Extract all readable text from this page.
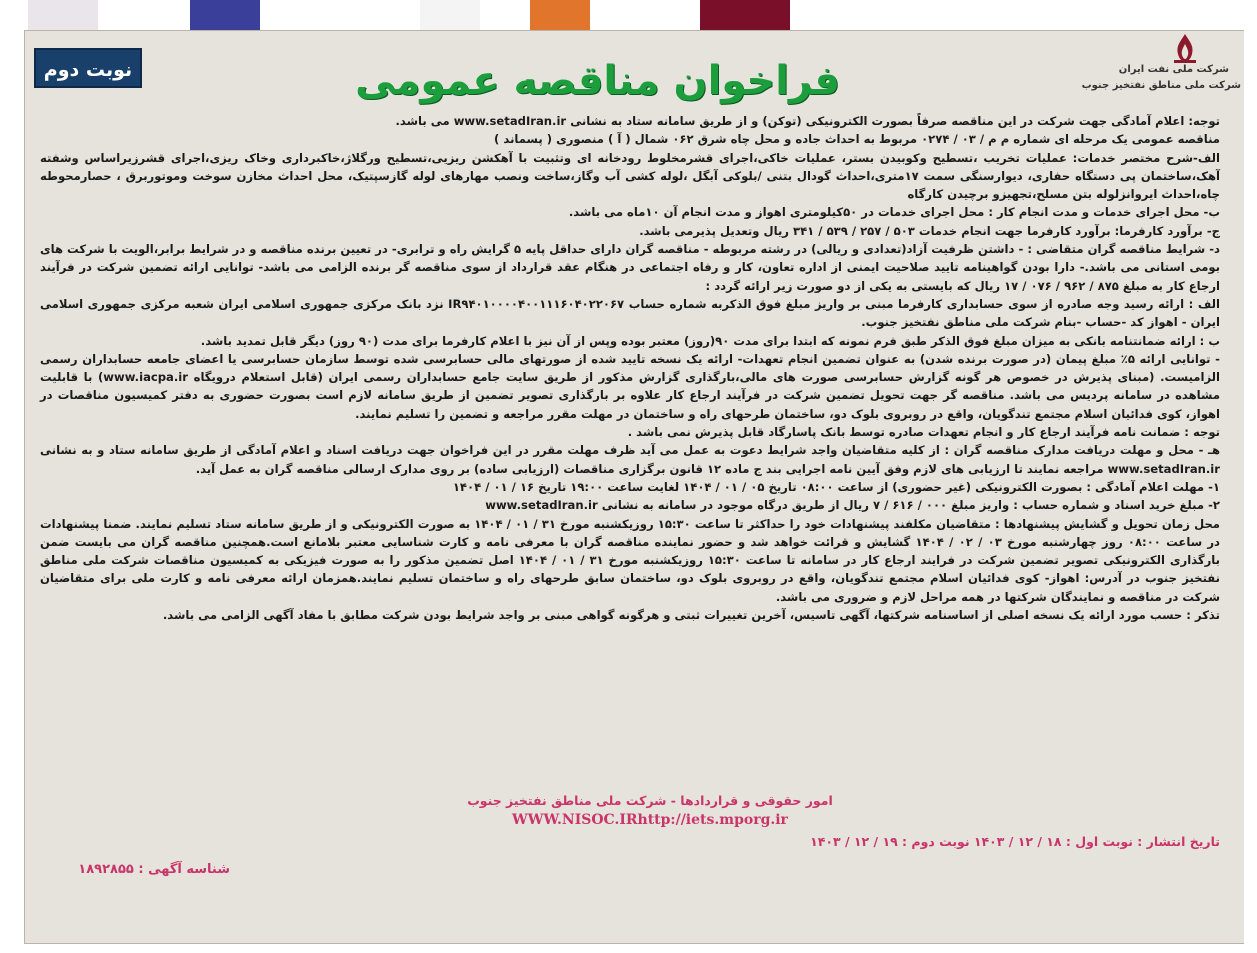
نوبت دوم	شرکت ملی نفت ایران
شرکت ملی مناطق نفتخیز جنوب
فراخوان مناقصه عمومی

توجه: اعلام آمادگی جهت شرکت در این مناقصه صرفاً بصورت الکترونیکی (توکن) و از طریق سامانه ستاد به نشانی www.setadIran.ir می باشد.

مناقصه عمومی یک مرحله ای شماره م م / ۰۳ / ۰۲۷۴ مربوط به احداث جاده و محل چاه شرق ۰۶۲ شمال ( آ ) منصوری ( پسماند )

الف-شرح مختصر خدمات: عملیات تخریب ،تسطیح وکوبیدن بستر، عملیات خاکی،اجرای قشرمخلوط رودخانه ای وتثبیت با آهکشن ریزیی،تسطیح ورگلاژ،خاکبرداری وخاک ریزی،اجرای قشرزیراساس وشفته آهک،ساختمان پی دستگاه حفاری، دیوارسنگی سمت ۱۷متری،احداث گودال بتنی /بلوکی آبگل ،لوله کشی آب وگاز،ساخت ونصب مهارهای لوله گازسپتیک، محل احداث مخازن سوخت وموتوربرق ، حصارمحوطه چاه،احداث ایروانزلوله بتن مسلح،تجهیزو برچیدن کارگاه

ب- محل اجرای خدمات و مدت انجام کار : محل اجرای خدمات در ۵۰کیلومتری اهواز و مدت انجام آن ۱۰ماه می باشد.

ج- برآورد کارفرما: برآورد کارفرما جهت انجام خدمات ۵۰۳ / ۲۵۷ / ۵۳۹ / ۳۴۱ ریال وتعدیل پذیرمی باشد.

د- شرایط مناقصه گران متقاضی : - داشتن ظرفیت آزاد(تعدادی و ریالی) در رشته مربوطه - مناقصه گران دارای حداقل پایه ۵ گرایش راه و ترابری- در تعیین برنده مناقصه و در شرایط برابر،الویت با شرکت های بومی استانی می باشد.- دارا بودن گواهینامه تایید صلاحیت ایمنی از اداره تعاون، کار و رفاه اجتماعی در هنگام عقد قرارداد از سوی مناقصه گر برنده الزامی می باشد- توانایی ارائه تضمین شرکت در فرآیند ارجاع کار به مبلغ ۸۷۵ / ۹۶۲ / ۰۷۶ / ۱۷ ریال که بایستی به یکی از دو صورت زیر ارائه گردد :

الف : ارائه رسید وجه صادره از سوی حسابداری کارفرما مبنی بر واریز مبلغ فوق الذکربه شماره حساب IR۹۴۰۱۰۰۰۰۴۰۰۱۱۱۶۰۴۰۲۲۰۶۷ نزد بانک مرکزی جمهوری اسلامی ایران شعبه مرکزی جمهوری اسلامی ایران - اهواز کد -حساب -بنام شرکت ملی مناطق نفتخیز جنوب.

ب : ارائه ضمانتنامه بانکی به میزان مبلغ فوق الذکر طبق فرم نمونه که ابتدا برای مدت ۹۰(روز) معتبر بوده وپس از آن نیز با اعلام کارفرما برای مدت (۹۰ روز) دیگر قابل تمدید باشد.

- توانایی ارائه ۵٪ مبلغ پیمان (در صورت برنده شدن) به عنوان تضمین انجام تعهدات- ارائه یک نسخه تایید شده از صورتهای مالی حسابرسی شده توسط سازمان حسابرسی یا اعضای جامعه حسابداران رسمی الزامیست. (مبنای پذیرش در خصوص هر گونه گزارش حسابرسی صورت های مالی،بارگذاری گزارش مذکور از طریق سایت جامع حسابداران رسمی ایران (قابل استعلام درویگاه www.iacpa.ir) با قابلیت مشاهده در سامانه پردیس می باشد. مناقصه گر جهت تحویل تضمین شرکت در فرآیند ارجاع کار علاوه بر بارگذاری تصویر تضمین از طریق سامانه لازم است بصورت حضوری به دفتر کمیسیون مناقصات در اهواز، کوی فدائیان اسلام مجتمع تندگویان، واقع در روبروی بلوک دو، ساختمان طرحهای راه و ساختمان در مهلت مقرر مراجعه و تضمین را تسلیم نمایند.

توجه : ضمانت نامه فرآیند ارجاع کار و انجام تعهدات صادره توسط بانک پاسارگاد قابل پذیرش نمی باشد .

هـ - محل و مهلت دریافت مدارک مناقصه گران : از کلیه متقاضیان واجد شرایط دعوت به عمل می آید ظرف مهلت مقرر در این فراخوان جهت دریافت اسناد و اعلام آمادگی از طریق سامانه ستاد و به نشانی www.setadIran.ir مراجعه نمایند تا ارزیابی های لازم وفق آیین نامه اجرایی بند ج ماده ۱۲ قانون برگزاری مناقصات (ارزیابی ساده) بر روی مدارک ارسالی مناقصه گران به عمل آید.

۱- مهلت اعلام آمادگی : بصورت الکترونیکی (غیر حضوری) از ساعت ۰۸:۰۰ تاریخ ۰۵ / ۰۱ / ۱۴۰۴ لغایت ساعت ۱۹:۰۰ تاریخ ۱۶ / ۰۱ / ۱۴۰۴

۲- مبلغ خرید اسناد و شماره حساب : واریز مبلغ ۰۰۰ / ۶۱۶ / ۷ ریال از طریق درگاه موجود در سامانه به نشانی www.setadIran.ir

محل زمان تحویل و گشایش پیشنهادها : متقاضیان مکلفند پیشنهادات خود را حداکثر تا ساعت ۱۵:۳۰ روزیکشنبه مورخ ۳۱ / ۰۱ / ۱۴۰۴ به صورت الکترونیکی و از طریق سامانه ستاد تسلیم نمایند. ضمنا پیشنهادات در ساعت ۰۸:۰۰ روز چهارشنبه مورخ ۰۳ / ۰۲ / ۱۴۰۴ گشایش و قرائت خواهد شد و حضور نماینده مناقصه گران با معرفی نامه و کارت شناسایی معتبر بلامانع است.همچنین مناقصه گران می بایست ضمن بارگذاری الکترونیکی تصویر تضمین شرکت در فرایند ارجاع کار در سامانه تا ساعت ۱۵:۳۰ روزیکشنبه مورخ ۳۱ / ۰۱ / ۱۴۰۴ اصل تضمین مذکور را به صورت فیزیکی به کمیسیون مناقصات شرکت ملی مناطق نفتخیز جنوب در آدرس: اهواز- کوی فدائیان اسلام مجتمع تندگویان، واقع در روبروی بلوک دو، ساختمان سابق طرحهای راه و ساختمان تسلیم نمایند.همزمان ارائه معرفی نامه و کارت ملی برای متقاضیان شرکت در مناقصه و نمایندگان شرکتها در همه مراحل لازم و ضروری می باشد.

تذکر : حسب مورد ارائه یک نسخه اصلی از اساسنامه شرکتها، آگهی تاسیس، آخرین تغییرات ثبتی و هرگونه گواهی مبنی بر واجد شرایط بودن شرکت مطابق با مفاد آگهی الزامی می باشد.

امور حقوقی و قراردادها - شرکت ملی مناطق نفتخیز جنوب
WWW.NISOC.IRhttp://iets.mporg.ir
تاریخ انتشار : نوبت اول : ۱۸ / ۱۲ / ۱۴۰۳ نوبت دوم : ۱۹ / ۱۲ / ۱۴۰۳
شناسه آگهی : ۱۸۹۲۸۵۵
